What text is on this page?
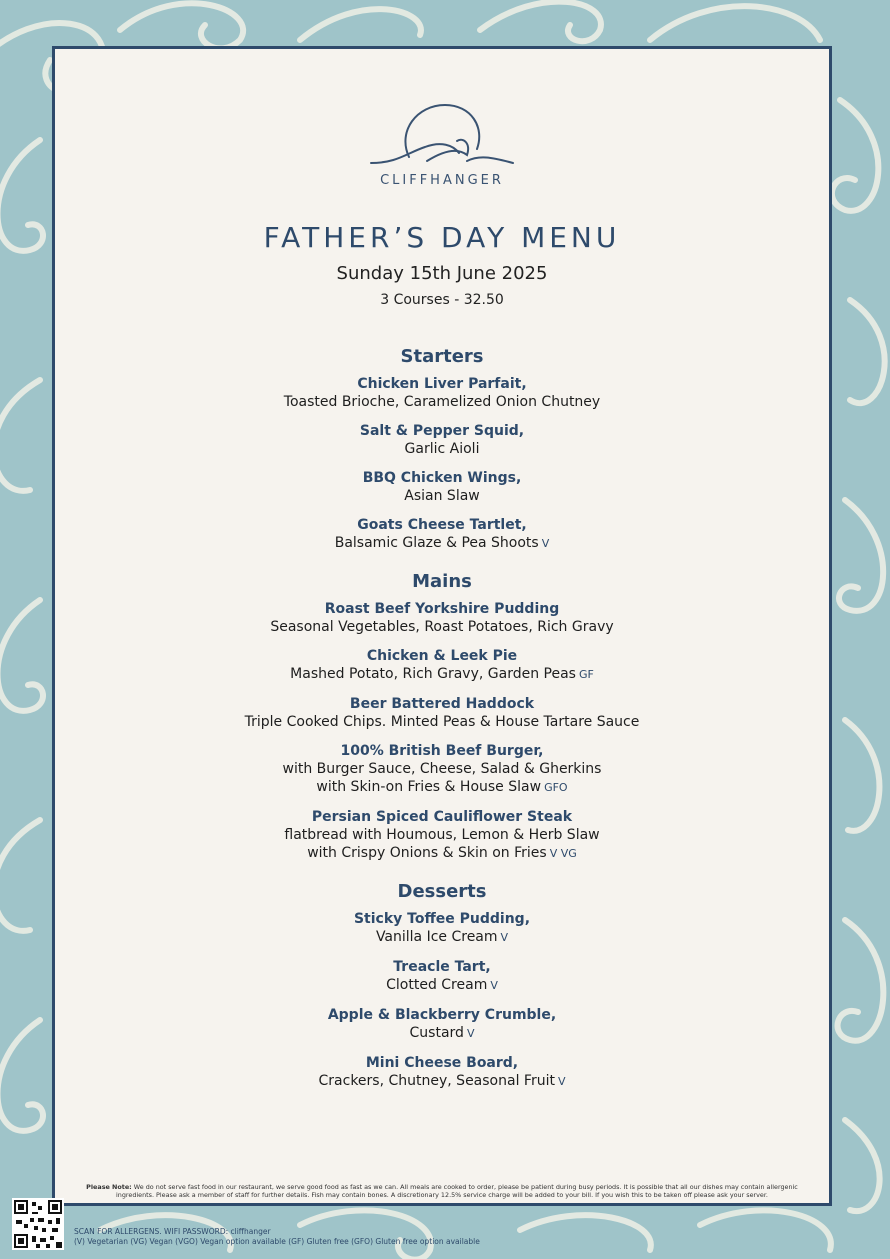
CLIFFHANGER
FATHER’S DAY MENU
Sunday 15th June 2025
3 Courses - 32.50
Starters
Chicken Liver Parfait,
Toasted Brioche, Caramelized Onion Chutney
Salt & Pepper Squid,
Garlic Aioli
BBQ Chicken Wings,
Asian Slaw
Goats Cheese Tartlet,
Balsamic Glaze & Pea Shoots V
Mains
Roast Beef Yorkshire Pudding
Seasonal Vegetables, Roast Potatoes, Rich Gravy
Chicken & Leek Pie
Mashed Potato, Rich Gravy, Garden Peas GF
Beer Battered Haddock
Triple Cooked Chips. Minted Peas & House Tartare Sauce
100% British Beef Burger,
with Burger Sauce, Cheese, Salad & Gherkins
with Skin-on Fries & House Slaw GFO
Persian Spiced Cauliflower Steak
flatbread with Houmous, Lemon & Herb Slaw
with Crispy Onions & Skin on Fries V VG
Desserts
Sticky Toffee Pudding,
Vanilla Ice Cream V
Treacle Tart,
Clotted Cream V
Apple & Blackberry Crumble,
Custard V
Mini Cheese Board,
Crackers, Chutney, Seasonal Fruit V
Please Note: We do not serve fast food in our restaurant, we serve good food as fast as we can. All meals are cooked to order, please be patient during busy periods. It is possible that all our dishes may contain allergenic ingredients. Please ask a member of staff for further details. Fish may contain bones. A discretionary 12.5% service charge will be added to your bill. If you wish this to be taken off please ask your server.
SCAN FOR ALLERGENS. WIFI PASSWORD: cliffhanger
(V) Vegetarian (VG) Vegan (VGO) Vegan option available (GF) Gluten free (GFO) Gluten free option available
